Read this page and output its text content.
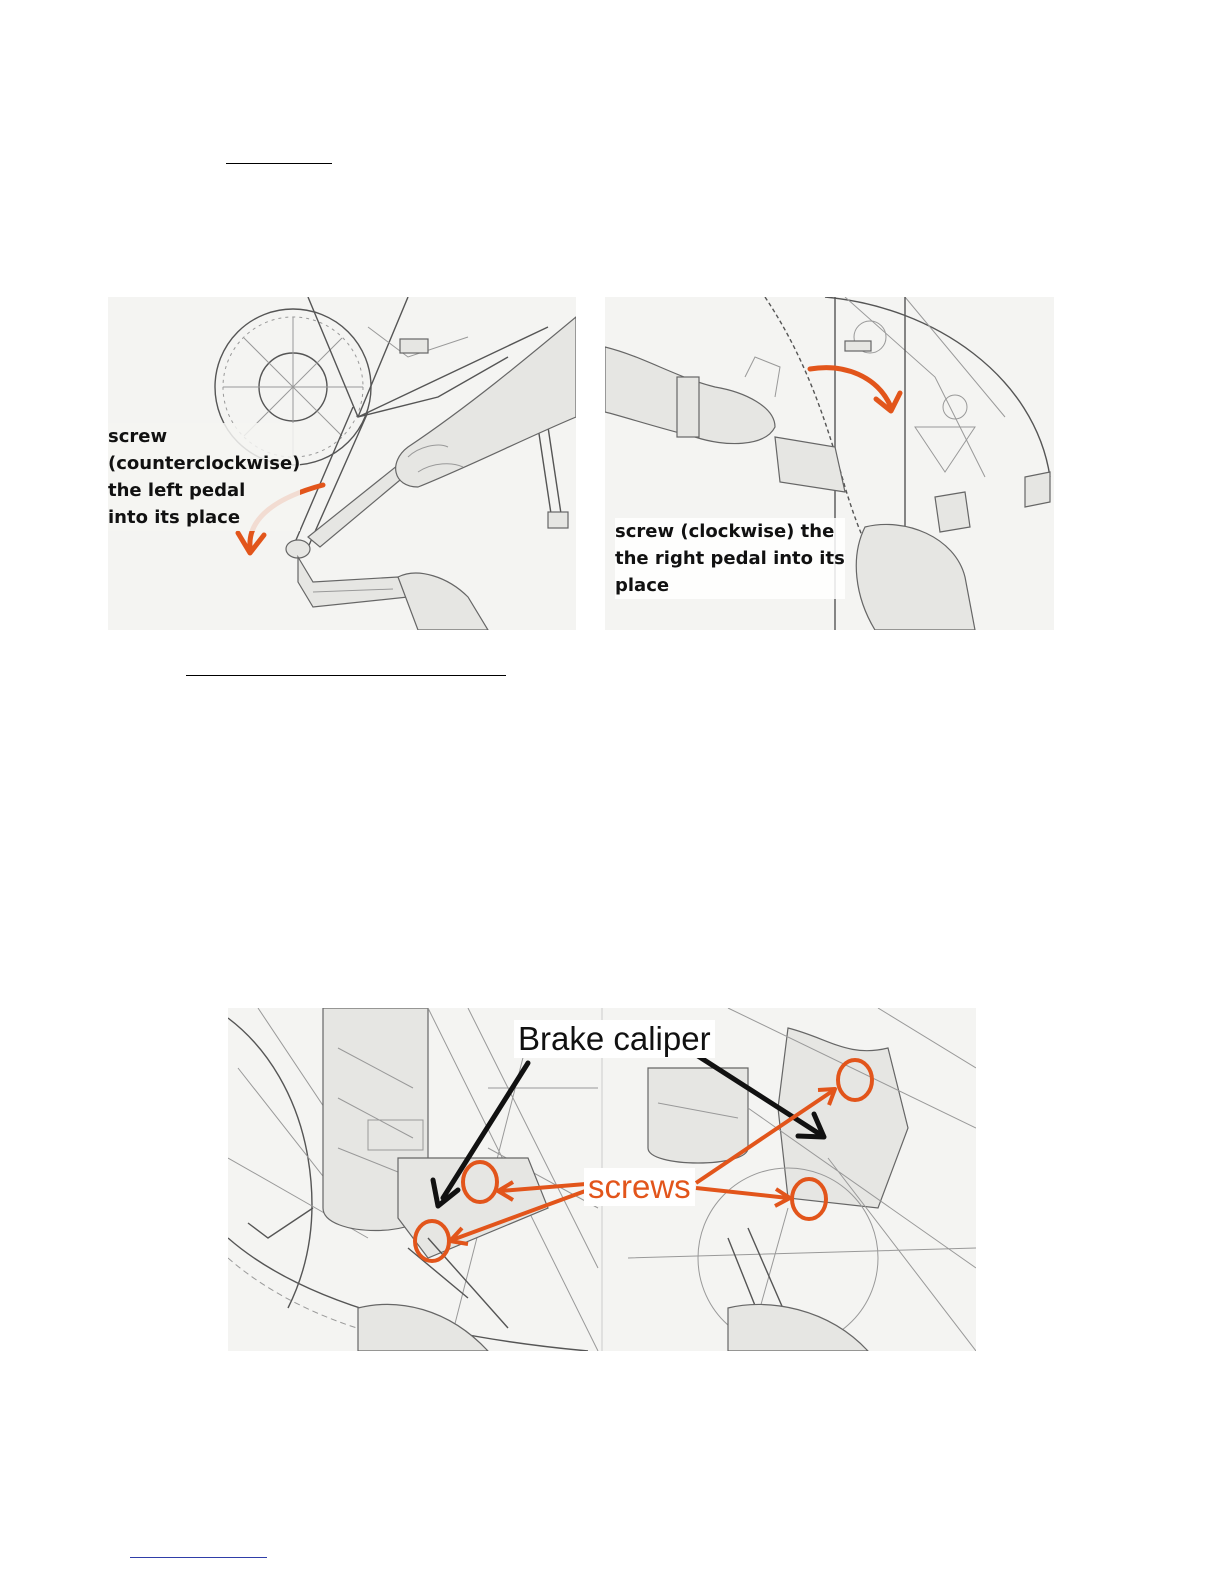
screw
(counterclockwise)
the left pedal
into its place
screw (clockwise) the
the right pedal into its
place
Brake caliper
screws
